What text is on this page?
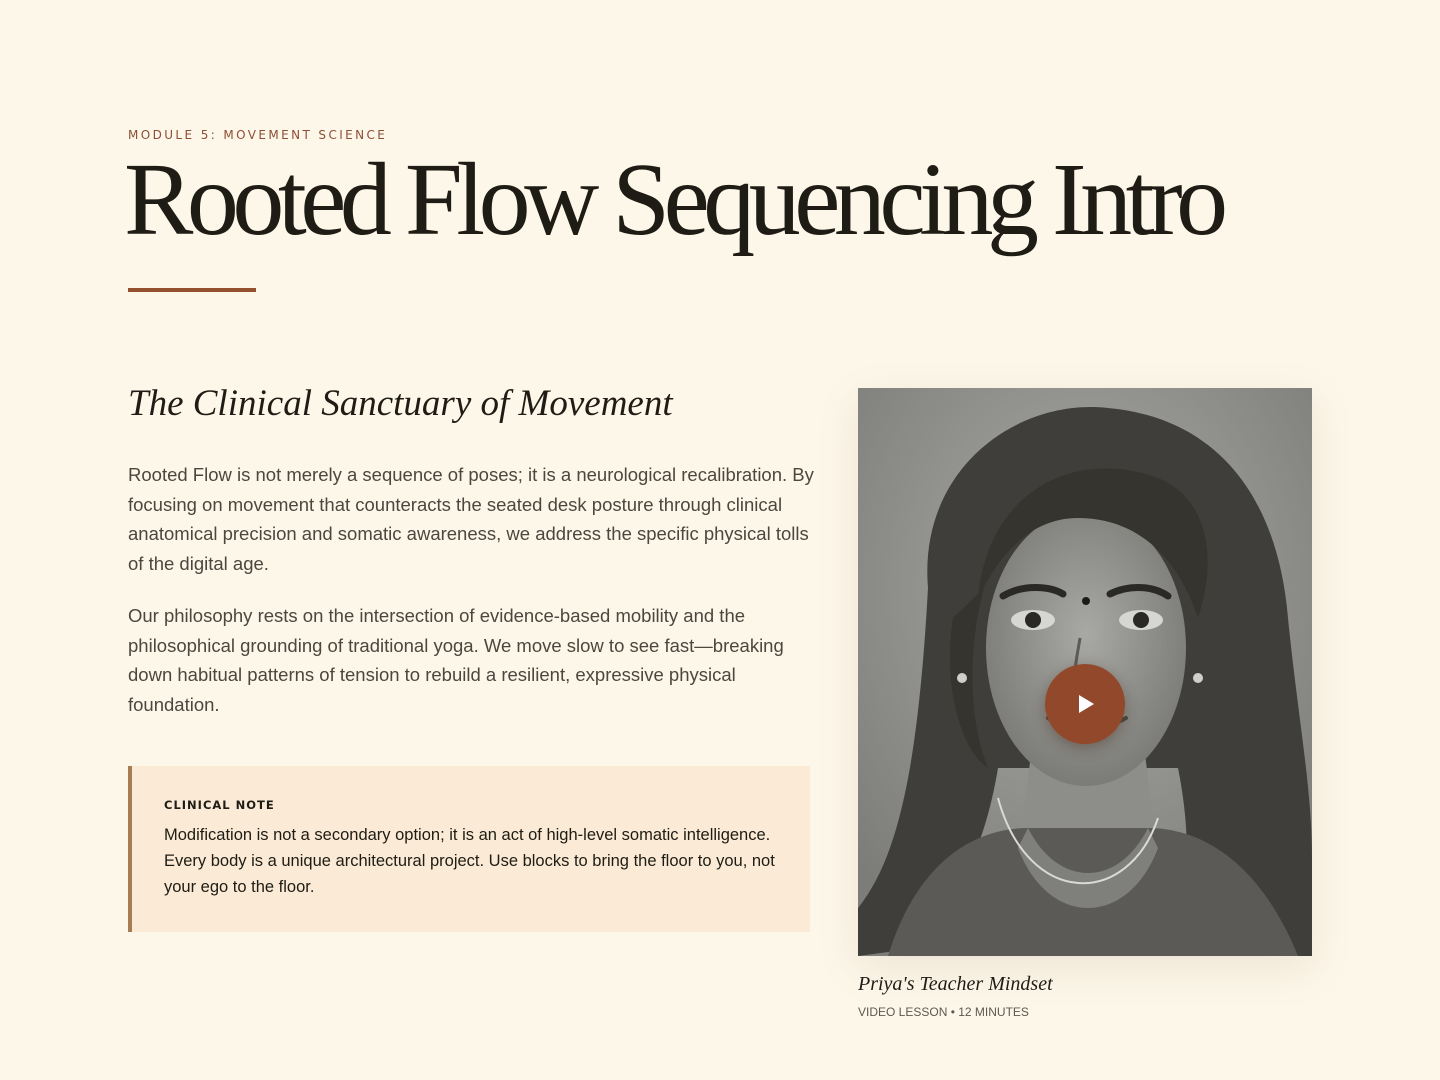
MODULE 5: MOVEMENT SCIENCE
Rooted Flow Sequencing Intro
The Clinical Sanctuary of Movement

Rooted Flow is not merely a sequence of poses; it is a neurological recalibration. By focusing on movement that counteracts the seated desk posture through clinical anatomical precision and somatic awareness, we address the specific physical tolls of the digital age.

Our philosophy rests on the intersection of evidence-based mobility and the philosophical grounding of traditional yoga. We move slow to see fast—breaking down habitual patterns of tension to rebuild a resilient, expressive physical foundation.

CLINICAL NOTE
Modification is not a secondary option; it is an act of high-level somatic intelligence. Every body is a unique architectural project. Use blocks to bring the floor to you, not your ego to the floor.
Priya's Teacher Mindset
VIDEO LESSON • 12 MINUTES
